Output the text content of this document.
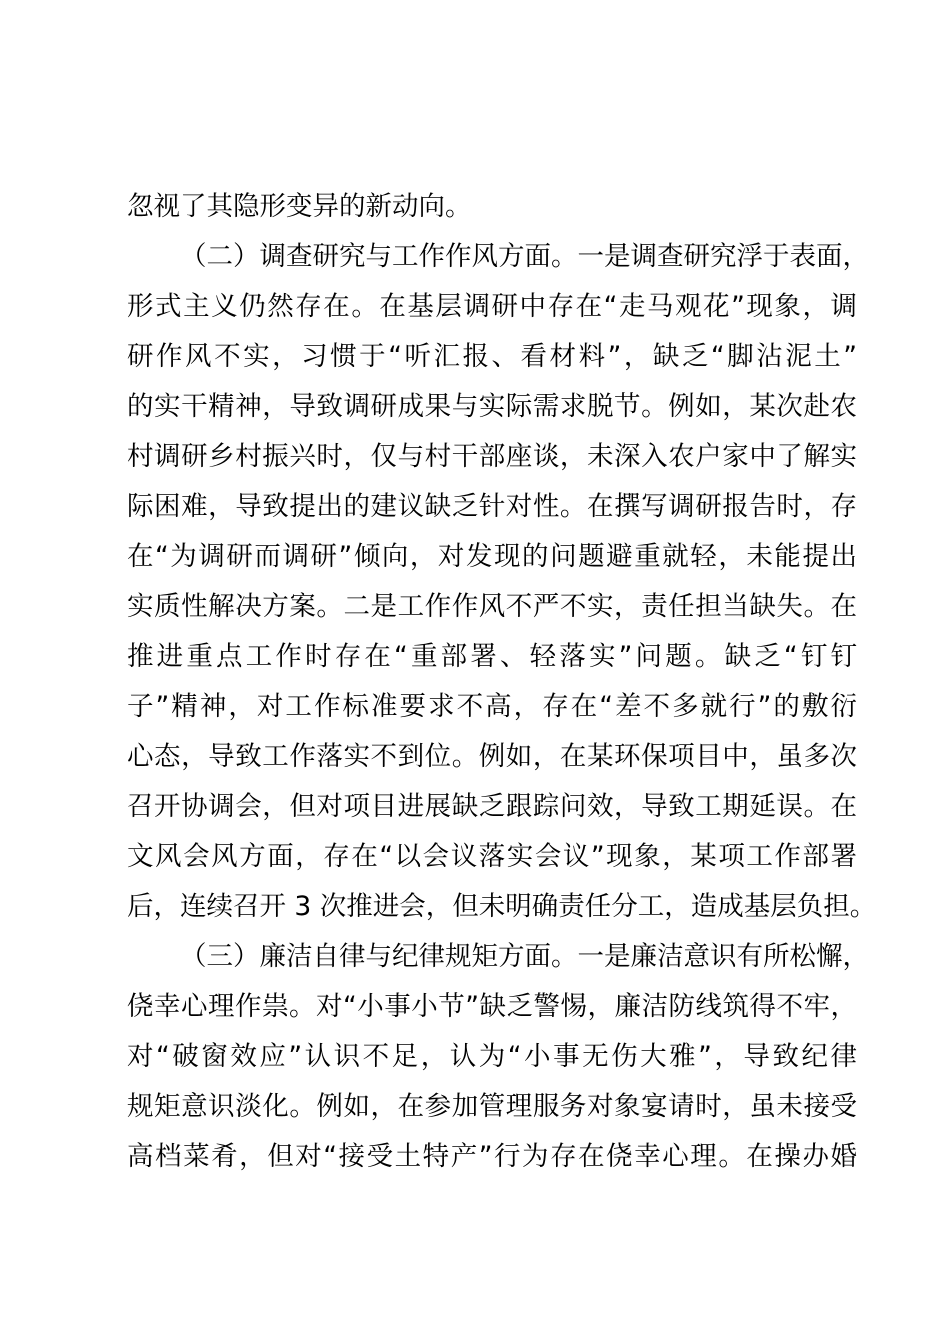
忽视了其隐形变异的新动向。
（二）调查研究与工作作风方面。一是调查研究浮于表面，
形式主义仍然存在。在基层调研中存在“走马观花”现象，调
研作风不实，习惯于“听汇报、看材料”，缺乏“脚沾泥土”
的实干精神，导致调研成果与实际需求脱节。例如，某次赴农
村调研乡村振兴时，仅与村干部座谈，未深入农户家中了解实
际困难，导致提出的建议缺乏针对性。在撰写调研报告时，存
在“为调研而调研”倾向，对发现的问题避重就轻，未能提出
实质性解决方案。二是工作作风不严不实，责任担当缺失。在
推进重点工作时存在“重部署、轻落实”问题。缺乏“钉钉
子”精神，对工作标准要求不高，存在“差不多就行”的敷衍
心态，导致工作落实不到位。例如，在某环保项目中，虽多次
召开协调会，但对项目进展缺乏跟踪问效，导致工期延误。在
文风会风方面，存在“以会议落实会议”现象，某项工作部署
后，连续召开 3 次推进会，但未明确责任分工，造成基层负担。
（三）廉洁自律与纪律规矩方面。一是廉洁意识有所松懈，
侥幸心理作祟。对“小事小节”缺乏警惕，廉洁防线筑得不牢，
对“破窗效应”认识不足，认为“小事无伤大雅”，导致纪律
规矩意识淡化。例如，在参加管理服务对象宴请时，虽未接受
高档菜肴，但对“接受土特产”行为存在侥幸心理。在操办婚
